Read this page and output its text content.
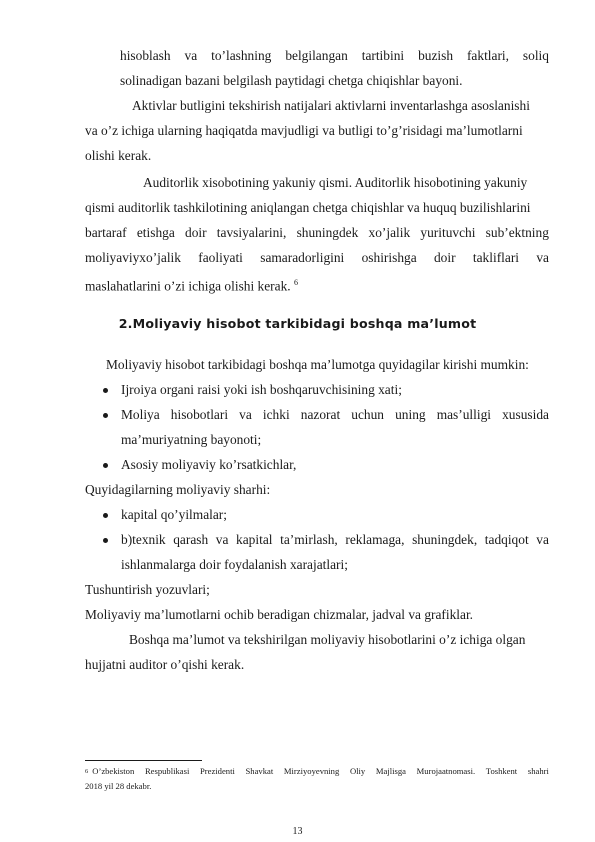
hisoblash va to’lashning belgilangan tartibini buzish faktlari, soliq
solinadigan bazani belgilash paytidagi chetga chiqishlar bayoni.
Aktivlar butligini tekshirish natijalari aktivlarni inventarlashga asoslanishi
va o’z ichiga ularning haqiqatda mavjudligi va butligi to’g’risidagi ma’lumotlarni
olishi kerak.
Auditorlik xisobotining yakuniy qismi. Auditorlik hisobotining yakuniy
qismi auditorlik tashkilotining aniqlangan chetga chiqishlar va huquq buzilishlarini
bartaraf etishga doir tavsiyalarini, shuningdek xo’jalik yurituvchi sub’ektning
moliyaviyxo’jalik faoliyati samaradorligini oshirishga doir takliflari va
maslahatlarini o’zi ichiga olishi kerak. $^6$
2.Moliyaviy hisobot tarkibidagi boshqa ma’lumot
Moliyaviy hisobot tarkibidagi boshqa ma’lumotga quyidagilar kirishi mumkin:
Ijroiya organi raisi yoki ish boshqaruvchisining xati;
Moliya hisobotlari va ichki nazorat uchun uning mas’ulligi xususida
ma’muriyatning bayonoti;
Asosiy moliyaviy ko’rsatkichlar,
Quyidagilarning moliyaviy sharhi:
kapital qo’yilmalar;
b)texnik qarash va kapital ta’mirlash, reklamaga, shuningdek, tadqiqot va
ishlanmalarga doir foydalanish xarajatlari;
Tushuntirish yozuvlari;
Moliyaviy ma’lumotlarni ochib beradigan chizmalar, jadval va grafiklar.
Boshqa ma’lumot va tekshirilgan moliyaviy hisobotlarini o’z ichiga olgan
hujjatni auditor o’qishi kerak.
$^6$ O’zbekiston Respublikasi Prezidenti Shavkat Mirziyoyevning Oliy Majlisga Murojaatnomasi. Toshkent shahri
2018 yil 28 dekabr.
13
